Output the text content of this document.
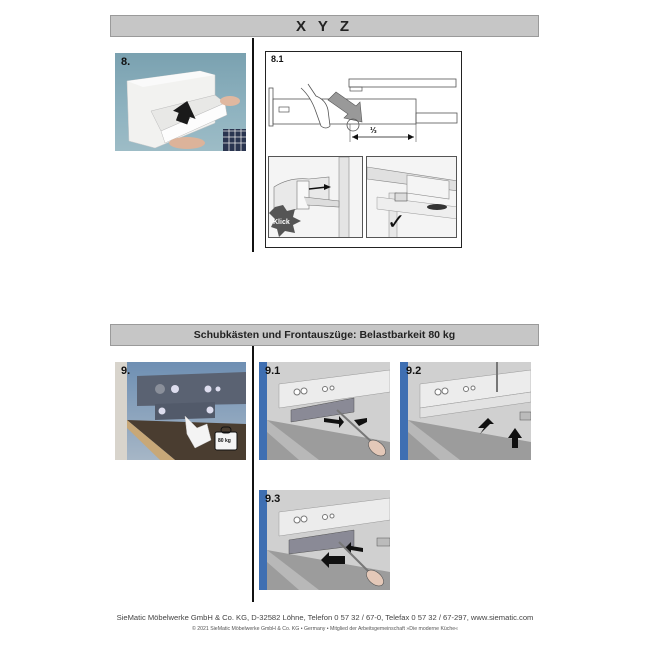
X Y Z
8.	8.1
⅓
Klick	✓
Schubkästen und Frontauszüge: Belastbarkeit 80 kg
9.
80 kg
9.1	9.2
9.3
SieMatic Möbelwerke GmbH & Co. KG, D-32582 Löhne, Telefon 0 57 32 / 67-0, Telefax 0 57 32 / 67-297, www.siematic.com
© 2021 SieMatic Möbelwerke GmbH & Co. KG • Germany • Mitglied der Arbeitsgemeinschaft »Die moderne Küche«
